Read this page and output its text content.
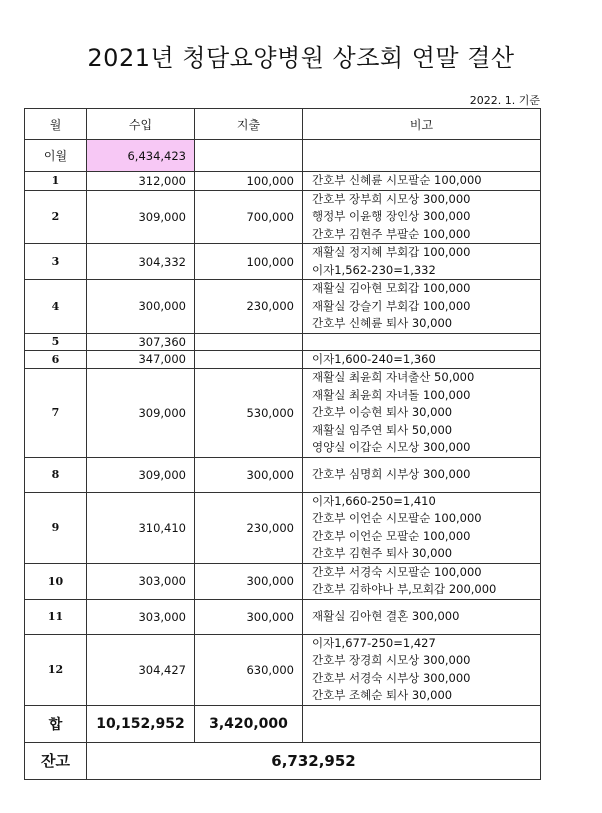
2021년 청담요양병원 상조회 연말 결산
2022. 1. 기준
월	수입	지출	비고
이월	6,434,423		
1	312,000	100,000	간호부 신혜륜 시모팔순 100,000

2	309,000	700,000	간호부 장부희 시모상 300,000
행정부 이윤행 장인상 300,000
간호부 김현주 부팔순 100,000

3	304,332	100,000	재활실 정지혜 부회갑 100,000
이자1,562-230=1,332

4	300,000	230,000	재활실 김아현 모회갑 100,000
재활실 강슬기 부회갑 100,000
간호부 신혜륜 퇴사 30,000

5	307,360		
6	347,000		이자1,600-240=1,360

7	309,000	530,000	재활실 최윤희 자녀출산 50,000
재활실 최윤희 자녀돌 100,000
간호부 이승현 퇴사 30,000
재활실 임주연 퇴사 50,000
영양실 이갑순 시모상 300,000

8	309,000	300,000	간호부 심명희 시부상 300,000

9	310,410	230,000	이자1,660-250=1,410
간호부 이언순 시모팔순 100,000
간호부 이언순 모팔순 100,000
간호부 김현주 퇴사 30,000

10	303,000	300,000	간호부 서경숙 시모팔순 100,000
간호부 김하야나 부,모회갑 200,000

11	303,000	300,000	재활실 김아현 결혼 300,000

12	304,427	630,000	이자1,677-250=1,427
간호부 장경희 시모상 300,000
간호부 서경숙 시부상 300,000
간호부 조혜순 퇴사 30,000

합	10,152,952	3,420,000	
잔고	6,732,952		
